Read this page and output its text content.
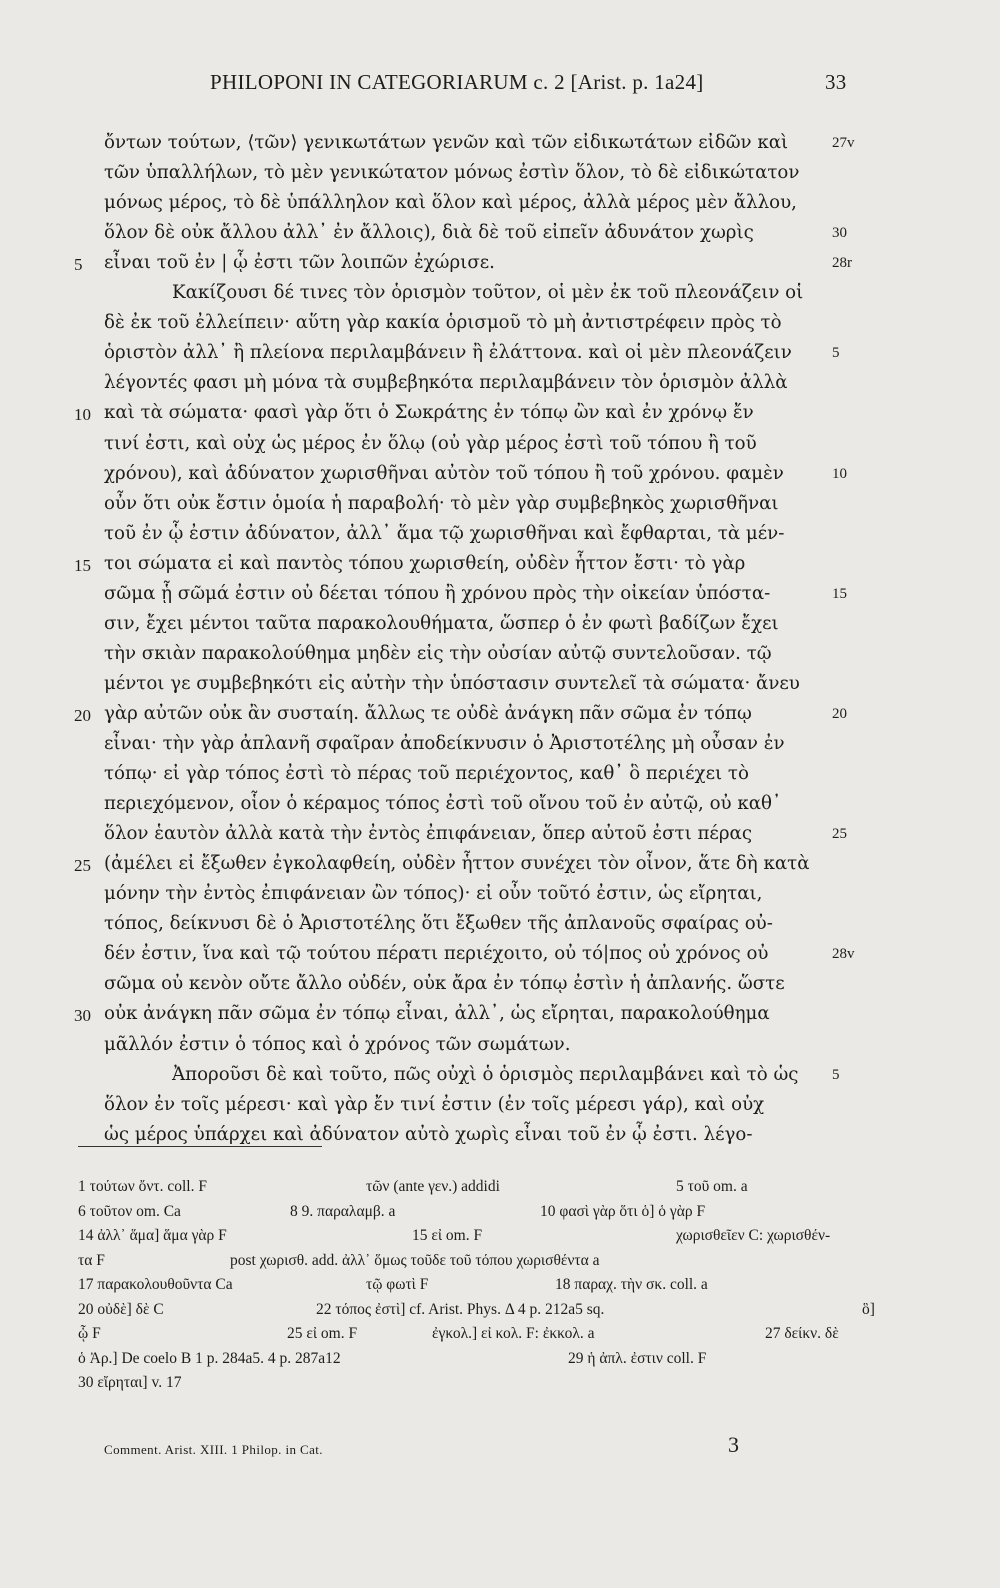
PHILOPONI IN CATEGORIARUM c. 2 [Arist. p. 1a24]	33
ὄντων τούτων, ⟨τῶν⟩ γενικωτάτων γενῶν καὶ τῶν εἰδικωτάτων εἰδῶν καὶ
τῶν ὑπαλλήλων, τὸ μὲν γενικώτατον μόνως ἐστὶν ὅλον, τὸ δὲ εἰδικώτατον
μόνως μέρος, τὸ δὲ ὑπάλληλον καὶ ὅλον καὶ μέρος, ἀλλὰ μέρος μὲν ἄλλου,
ὅλον δὲ οὐκ ἄλλου ἀλλ᾿ ἐν ἄλλοις), διὰ δὲ τοῦ εἰπεῖν ἀδυνάτον χωρὶς
εἶναι τοῦ ἐν | ᾧ ἐστι τῶν λοιπῶν ἐχώρισε.
Κακίζουσι δέ τινες τὸν ὁρισμὸν τοῦτον, οἱ μὲν ἐκ τοῦ πλεονάζειν οἱ
δὲ ἐκ τοῦ ἐλλείπειν· αὕτη γὰρ κακία ὁρισμοῦ τὸ μὴ ἀντιστρέφειν πρὸς τὸ
ὁριστὸν ἀλλ᾿ ἢ πλείονα περιλαμβάνειν ἢ ἐλάττονα. καὶ οἱ μὲν πλεονάζειν
λέγοντές φασι μὴ μόνα τὰ συμβεβηκότα περιλαμβάνειν τὸν ὁρισμὸν ἀλλὰ
καὶ τὰ σώματα· φασὶ γὰρ ὅτι ὁ Σωκράτης ἐν τόπῳ ὢν καὶ ἐν χρόνῳ ἔν
τινί ἐστι, καὶ οὐχ ὡς μέρος ἐν ὅλῳ (οὐ γὰρ μέρος ἐστὶ τοῦ τόπου ἢ τοῦ
χρόνου), καὶ ἀδύνατον χωρισθῆναι αὐτὸν τοῦ τόπου ἢ τοῦ χρόνου. φαμὲν
οὖν ὅτι οὐκ ἔστιν ὁμοία ἡ παραβολή· τὸ μὲν γὰρ συμβεβηκὸς χωρισθῆναι
τοῦ ἐν ᾧ ἐστιν ἀδύνατον, ἀλλ᾿ ἅμα τῷ χωρισθῆναι καὶ ἔφθαρται, τὰ μέν-
τοι σώματα εἰ καὶ παντὸς τόπου χωρισθείη, οὐδὲν ἧττον ἔστι· τὸ γὰρ
σῶμα ᾗ σῶμά ἐστιν οὐ δέεται τόπου ἢ χρόνου πρὸς τὴν οἰκείαν ὑπόστα-
σιν, ἔχει μέντοι ταῦτα παρακολουθήματα, ὥσπερ ὁ ἐν φωτὶ βαδίζων ἔχει
τὴν σκιὰν παρακολούθημα μηδὲν εἰς τὴν οὐσίαν αὐτῷ συντελοῦσαν. τῷ
μέντοι γε συμβεβηκότι εἰς αὐτὴν τὴν ὑπόστασιν συντελεῖ τὰ σώματα· ἄνευ
γὰρ αὐτῶν οὐκ ἂν συσταίη. ἄλλως τε οὐδὲ ἀνάγκη πᾶν σῶμα ἐν τόπῳ
εἶναι· τὴν γὰρ ἀπλανῆ σφαῖραν ἀποδείκνυσιν ὁ Ἀριστοτέλης μὴ οὖσαν ἐν
τόπῳ· εἰ γὰρ τόπος ἐστὶ τὸ πέρας τοῦ περιέχοντος, καθ᾿ ὃ περιέχει τὸ
περιεχόμενον, οἷον ὁ κέραμος τόπος ἐστὶ τοῦ οἴνου τοῦ ἐν αὐτῷ, οὐ καθ᾿
ὅλον ἑαυτὸν ἀλλὰ κατὰ τὴν ἐντὸς ἐπιφάνειαν, ὅπερ αὐτοῦ ἐστι πέρας
(ἀμέλει εἰ ἔξωθεν ἐγκολαφθείη, οὐδὲν ἧττον συνέχει τὸν οἶνον, ἅτε δὴ κατὰ
μόνην τὴν ἐντὸς ἐπιφάνειαν ὢν τόπος)· εἰ οὖν τοῦτό ἐστιν, ὡς εἴρηται,
τόπος, δείκνυσι δὲ ὁ Ἀριστοτέλης ὅτι ἔξωθεν τῆς ἀπλανοῦς σφαίρας οὐ-
δέν ἐστιν, ἵνα καὶ τῷ τούτου πέρατι περιέχοιτο, οὐ τό|πος οὐ χρόνος οὐ
σῶμα οὐ κενὸν οὔτε ἄλλο οὐδέν, οὐκ ἄρα ἐν τόπῳ ἐστὶν ἡ ἀπλανής. ὥστε
οὐκ ἀνάγκη πᾶν σῶμα ἐν τόπῳ εἶναι, ἀλλ᾿, ὡς εἴρηται, παρακολούθημα
μᾶλλόν ἐστιν ὁ τόπος καὶ ὁ χρόνος τῶν σωμάτων.
Ἀποροῦσι δὲ καὶ τοῦτο, πῶς οὐχὶ ὁ ὁρισμὸς περιλαμβάνει καὶ τὸ ὡς
ὅλον ἐν τοῖς μέρεσι· καὶ γὰρ ἔν τινί ἐστιν (ἐν τοῖς μέρεσι γάρ), καὶ οὐχ
ὡς μέρος ὑπάρχει καὶ ἀδύνατον αὐτὸ χωρὶς εἶναι τοῦ ἐν ᾧ ἐστι. λέγο-
5
10
15
20
25
30
27v
30
28r
5
10
15
20
25
28v
5
1 τούτων ὄντ. coll. F	τῶν (ante γεν.) addidi	5 τοῦ om. a
6 τοῦτον om. Ca	8 9. παραλαμβ. a	10 φασὶ γὰρ ὅτι ὁ] ὁ γὰρ F
14 ἀλλ᾿ ἅμα] ἅμα γὰρ F	15 εἰ om. F	χωρισθεῖεν C: χωρισθέν-
τα F	post χωρισθ. add. ἀλλ᾿ ὅμως τοῦδε τοῦ τόπου χωρισθέντα a
17 παρακολουθοῦντα Ca	τῷ φωτὶ F	18 παραχ. τὴν σκ. coll. a
20 οὐδὲ] δὲ C	22 τόπος ἐστὶ] cf. Arist. Phys. Δ 4 p. 212a5 sq.	ὃ]
ᾧ F	25 εἰ om. F	ἐγκολ.] εἰ κολ. F: ἐκκολ. a	27 δείκν. δὲ
ὁ Ἀρ.] De coelo B 1 p. 284a5. 4 p. 287a12	29 ἡ ἀπλ. ἐστιν coll. F
30 εἴρηται] v. 17
Comment. Arist. XIII. 1 Philop. in Cat.	3
